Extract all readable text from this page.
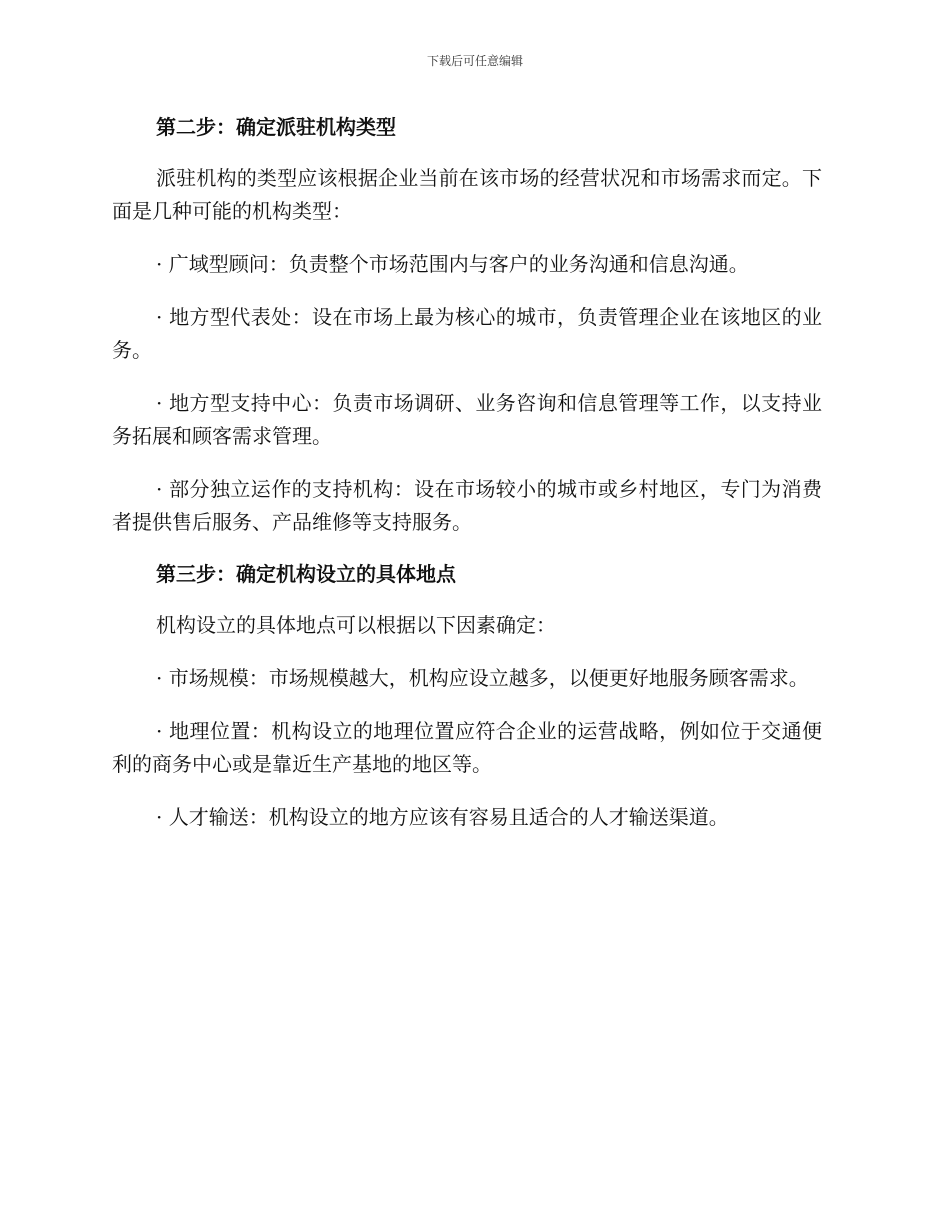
下载后可任意编辑

第二步：确定派驻机构类型

派驻机构的类型应该根据企业当前在该市场的经营状况和市场需求而定。下面是几种可能的机构类型：

· 广域型顾问：负责整个市场范围内与客户的业务沟通和信息沟通。

· 地方型代表处：设在市场上最为核心的城市，负责管理企业在该地区的业务。

· 地方型支持中心：负责市场调研、业务咨询和信息管理等工作，以支持业务拓展和顾客需求管理。

· 部分独立运作的支持机构：设在市场较小的城市或乡村地区，专门为消费者提供售后服务、产品维修等支持服务。

第三步：确定机构设立的具体地点

机构设立的具体地点可以根据以下因素确定：

· 市场规模：市场规模越大，机构应设立越多，以便更好地服务顾客需求。

· 地理位置：机构设立的地理位置应符合企业的运营战略，例如位于交通便利的商务中心或是靠近生产基地的地区等。

· 人才输送：机构设立的地方应该有容易且适合的人才输送渠道。
